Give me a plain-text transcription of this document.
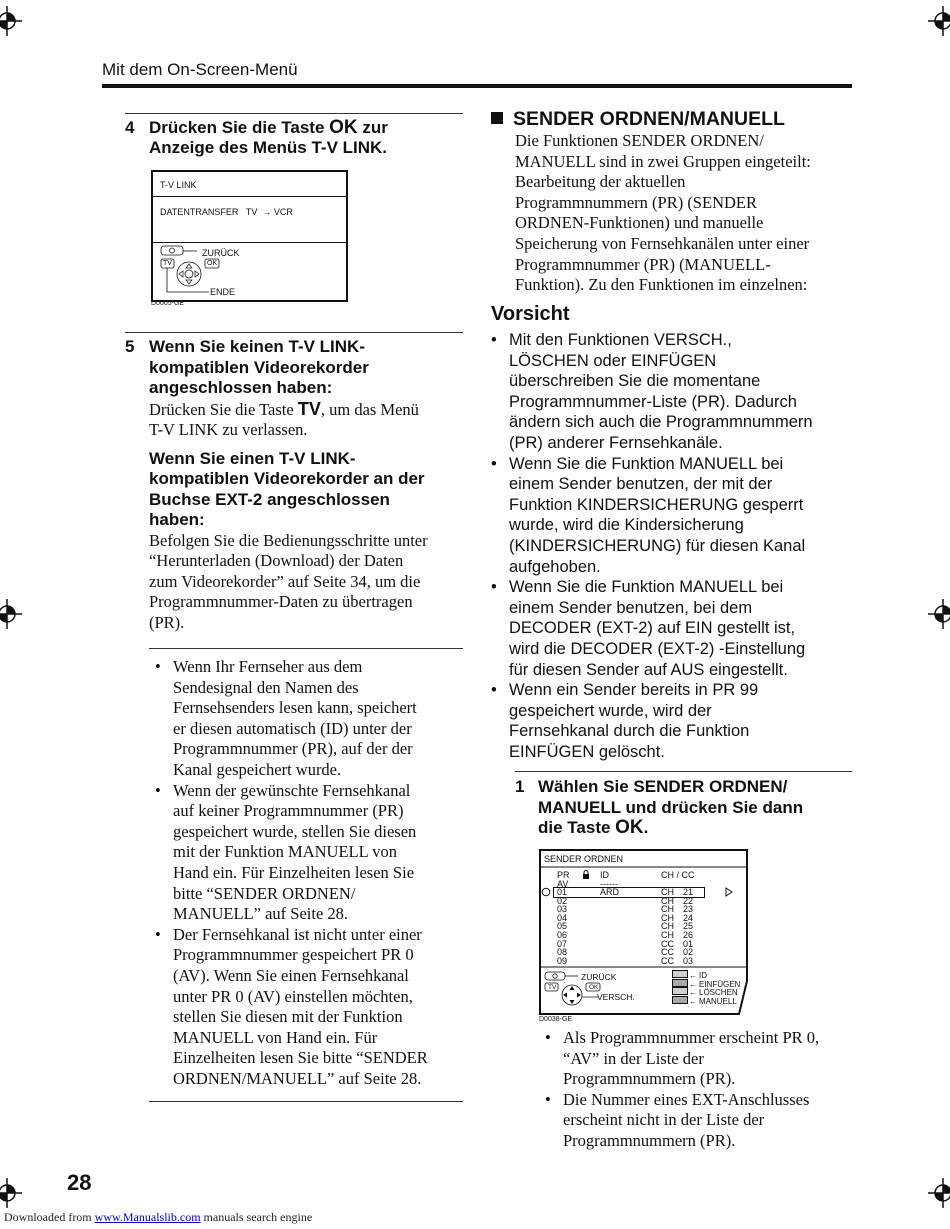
Mit dem On-Screen-Menü
4 Drücken Sie die Taste OK zur
Anzeige des Menüs T-V LINK.
T-V LINK
DATENTRANSFER TV → VCR
ZURÜCK
TV	OK
ENDE
D0005-GE
5 Wenn Sie keinen T-V LINK-
kompatiblen Videorekorder
angeschlossen haben:
Drücken Sie die Taste TV, um das Menü
T-V LINK zu verlassen.
Wenn Sie einen T-V LINK-
kompatiblen Videorekorder an der
Buchse EXT-2 angeschlossen
haben:
Befolgen Sie die Bedienungsschritte unter
“Herunterladen (Download) der Daten
zum Videorekorder” auf Seite 34, um die
Programmnummer-Daten zu übertragen
(PR).
• Wenn Ihr Fernseher aus dem
Sendesignal den Namen des
Fernsehsenders lesen kann, speichert
er diesen automatisch (ID) unter der
Programmnummer (PR), auf der der
Kanal gespeichert wurde.
• Wenn der gewünschte Fernsehkanal
auf keiner Programmnummer (PR)
gespeichert wurde, stellen Sie diesen
mit der Funktion MANUELL von
Hand ein. Für Einzelheiten lesen Sie
bitte “SENDER ORDNEN/
MANUELL” auf Seite 28.
• Der Fernsehkanal ist nicht unter einer
Programmnummer gespeichert PR 0
(AV). Wenn Sie einen Fernsehkanal
unter PR 0 (AV) einstellen möchten,
stellen Sie diesen mit der Funktion
MANUELL von Hand ein. Für
Einzelheiten lesen Sie bitte “SENDER
ORDNEN/MANUELL” auf Seite 28.
SENDER ORDNEN/MANUELL
Die Funktionen SENDER ORDNEN/
MANUELL sind in zwei Gruppen eingeteilt:
Bearbeitung der aktuellen
Programmnummern (PR) (SENDER
ORDNEN-Funktionen) und manuelle
Speicherung von Fernsehkanälen unter einer
Programmnummer (PR) (MANUELL-
Funktion). Zu den Funktionen im einzelnen:
Vorsicht
• Mit den Funktionen VERSCH.,
LÖSCHEN oder EINFÜGEN
überschreiben Sie die momentane
Programmnummer-Liste (PR). Dadurch
ändern sich auch die Programmnummern
(PR) anderer Fernsehkanäle.
• Wenn Sie die Funktion MANUELL bei
einem Sender benutzen, der mit der
Funktion KINDERSICHERUNG gesperrt
wurde, wird die Kindersicherung
(KINDERSICHERUNG) für diesen Kanal
aufgehoben.
• Wenn Sie die Funktion MANUELL bei
einem Sender benutzen, bei dem
DECODER (EXT-2) auf EIN gestellt ist,
wird die DECODER (EXT-2) -Einstellung
für diesen Sender auf AUS eingestellt.
• Wenn ein Sender bereits in PR 99
gespeichert wurde, wird der
Fernsehkanal durch die Funktion
EINFÜGEN gelöscht.
1 Wählen Sie SENDER ORDNEN/
MANUELL und drücken Sie dann
die Taste OK.
SENDER ORDNEN
PR	ID	CH / CC
AV	------
01	ARD	CH	21
02		CH	22
03		CH	23
04		CH	24
05		CH	25
06		CH	26
07		CC	01
08		CC	02
09		CC	03
ZURÜCK
TV	OK
VERSCH.
← ID
← EINFÜGEN
← LÖSCHEN
← MANUELL
D0038-GE
• Als Programmnummer erscheint PR 0,
“AV” in der Liste der
Programmnummern (PR).
• Die Nummer eines EXT-Anschlusses
erscheint nicht in der Liste der
Programmnummern (PR).
28
Downloaded from www.Manualslib.com manuals search engine
